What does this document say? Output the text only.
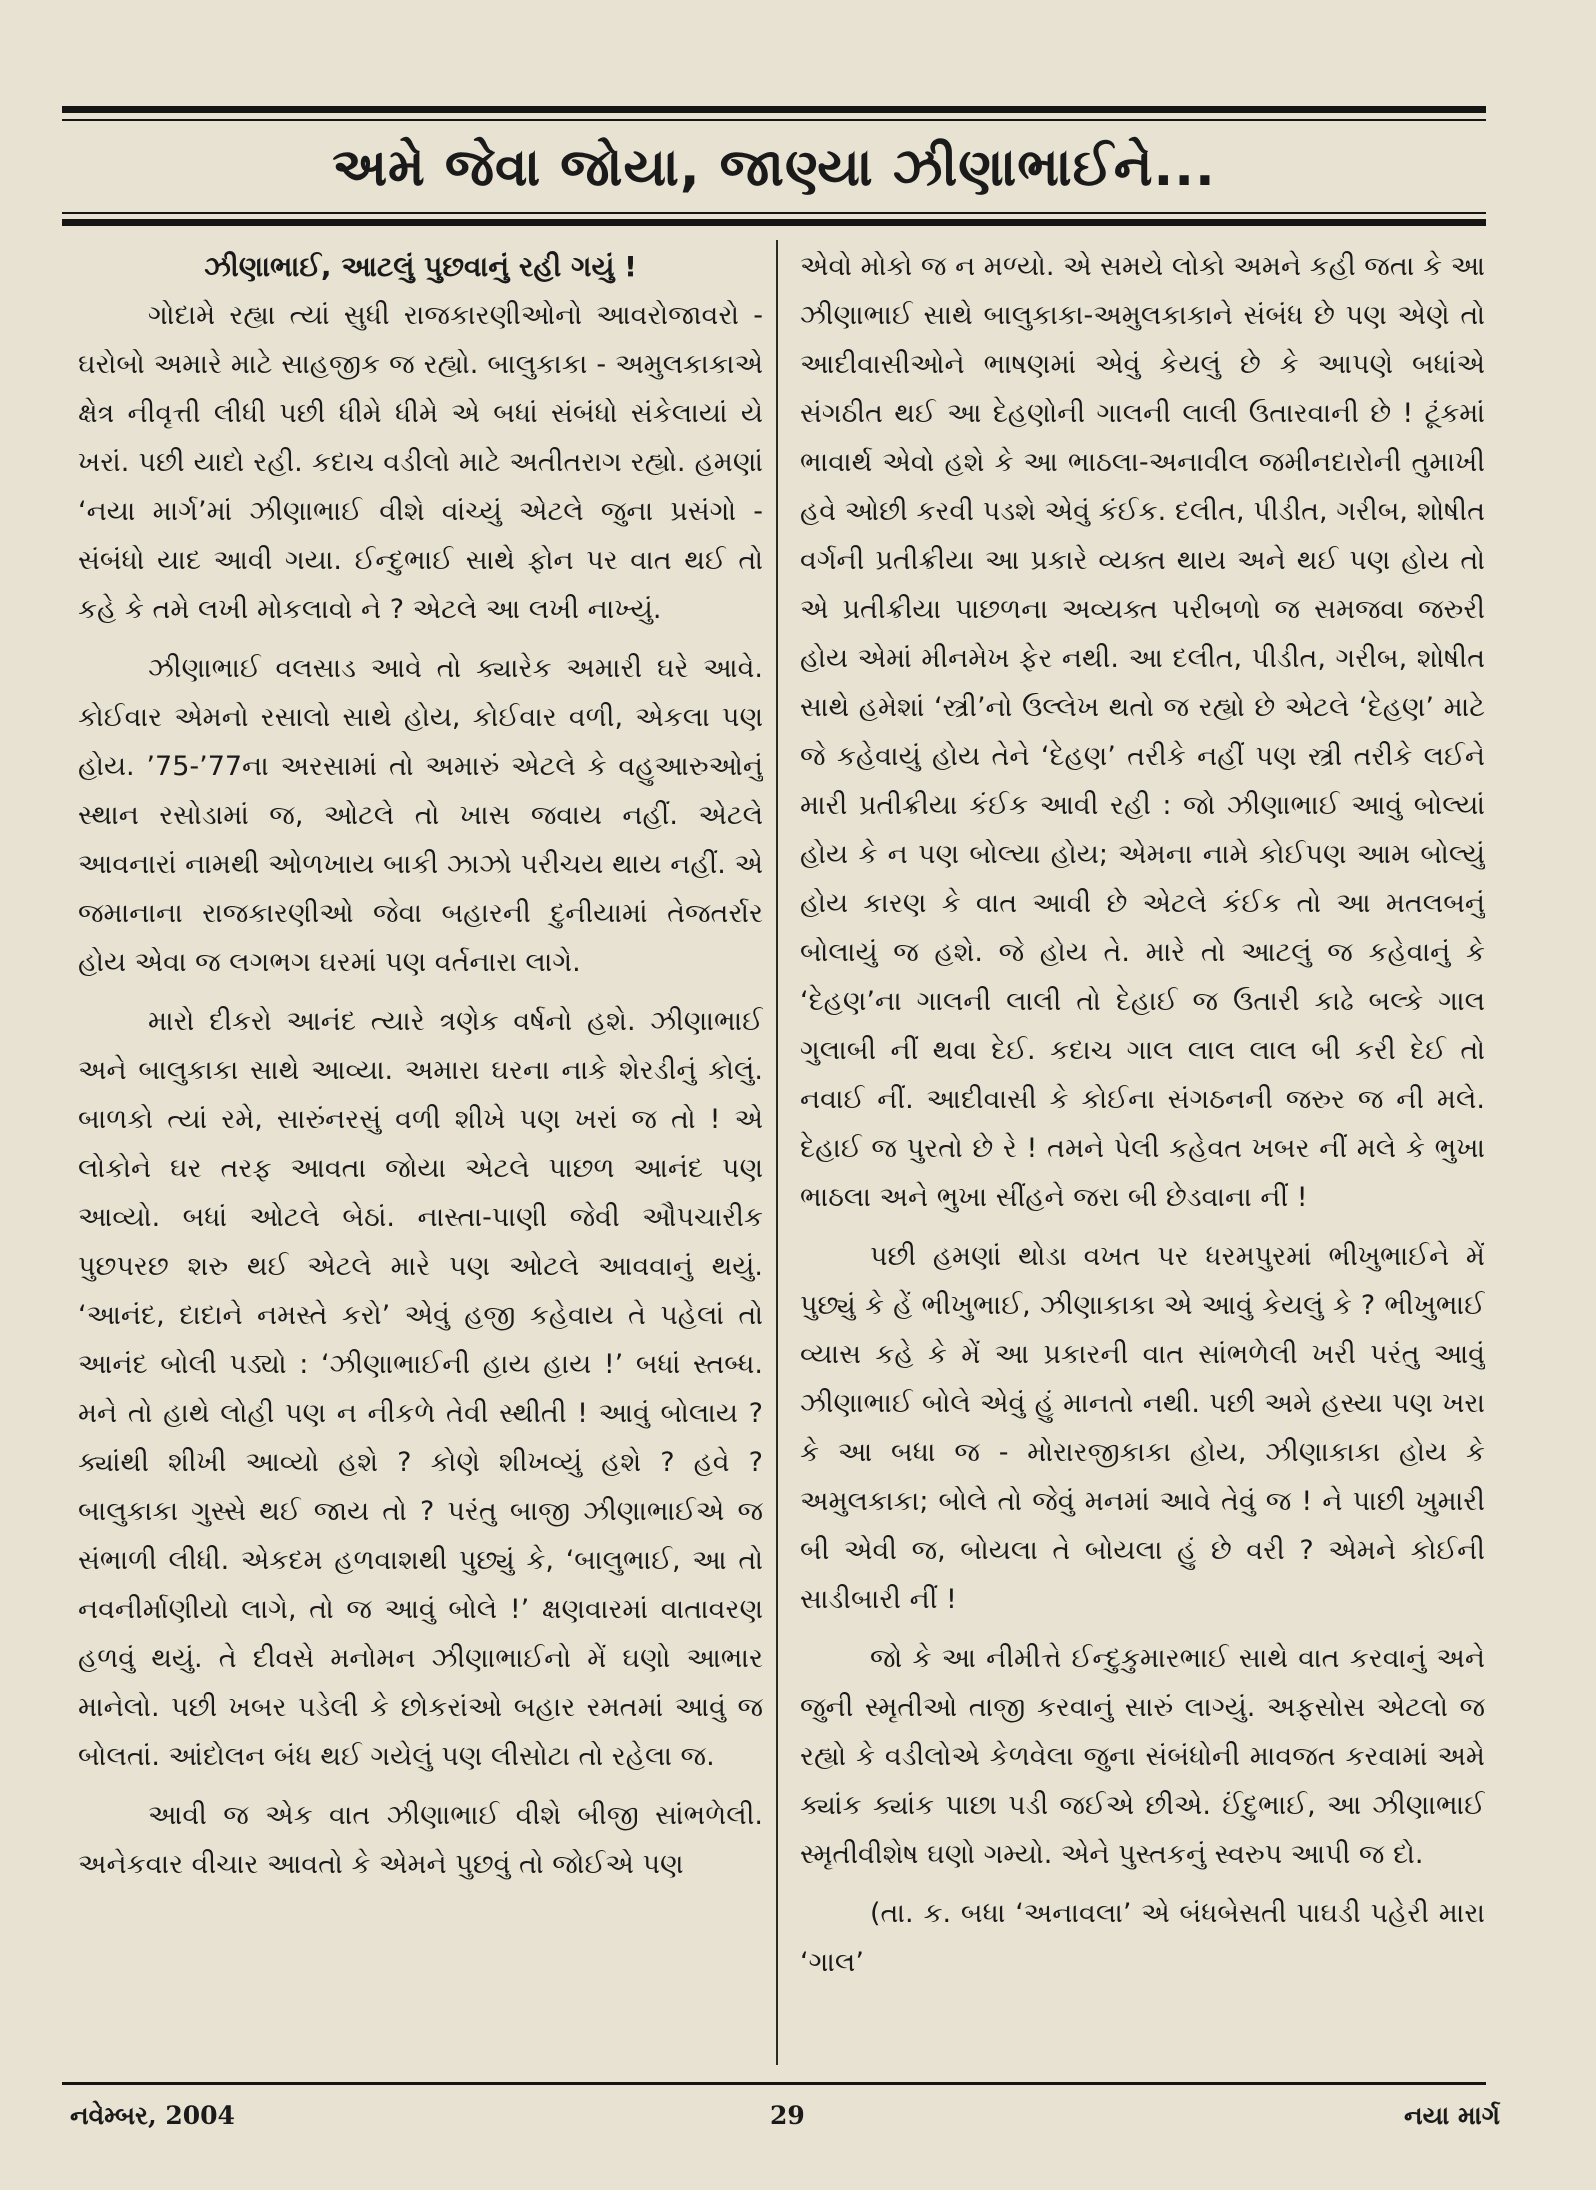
અમે જેવા જોયા, જાણ્યા ઝીણાભાઈને...
ઝીણાભાઈ, આટલું પુછવાનું રહી ગયું !

ગોદામે રહ્યા ત્યાં સુધી રાજકારણીઓનો આવરોજાવરો - ઘરોબો અમારે માટે સાહજીક જ રહ્યો. બાલુકાકા - અમુલકાકાએ ક્ષેત્ર નીવૃત્તી લીધી પછી ધીમે ધીમે એ બધાં સંબંધો સંકેલાયાં યે ખરાં. પછી યાદો રહી. કદાચ વડીલો માટે અતીતરાગ રહ્યો. હમણાં ‘નયા માર્ગ’માં ઝીણાભાઈ વીશે વાંચ્યું એટલે જુના પ્રસંગો - સંબંધો યાદ આવી ગયા. ઈન્દુભાઈ સાથે ફોન પર વાત થઈ તો કહે કે તમે લખી મોકલાવો ને ? એટલે આ લખી નાખ્યું.

ઝીણાભાઈ વલસાડ આવે તો ક્યારેક અમારી ઘરે આવે. કોઈવાર એમનો રસાલો સાથે હોય, કોઈવાર વળી, એકલા પણ હોય. ’75-’77ના અરસામાં તો અમારું એટલે કે વહુઆરુઓનું સ્થાન રસોડામાં જ, ઓટલે તો ખાસ જવાય નહીં. એટલે આવનારાં નામથી ઓળખાય બાકી ઝાઝો પરીચય થાય નહીં. એ જમાનાના રાજકારણીઓ જેવા બહારની દુનીયામાં તેજતર્રાર હોય એવા જ લગભગ ઘરમાં પણ વર્તનારા લાગે.

મારો દીકરો આનંદ ત્યારે ત્રણેક વર્ષનો હશે. ઝીણાભાઈ અને બાલુકાકા સાથે આવ્યા. અમારા ઘરના નાકે શેરડીનું કોલું. બાળકો ત્યાં રમે, સારુંનરસું વળી શીખે પણ ખરાં જ તો ! એ લોકોને ઘર તરફ આવતા જોયા એટલે પાછળ આનંદ પણ આવ્યો. બધાં ઓટલે બેઠાં. નાસ્તા-પાણી જેવી ઔપચારીક પુછપરછ શરુ થઈ એટલે મારે પણ ઓટલે આવવાનું થયું. ‘આનંદ, દાદાને નમસ્તે કરો’ એવું હજી કહેવાય તે પહેલાં તો આનંદ બોલી પડ્યો : ‘ઝીણાભાઈની હાય હાય !’ બધાં સ્તબ્ધ. મને તો હાથે લોહી પણ ન નીકળે તેવી સ્થીતી ! આવું બોલાય ? ક્યાંથી શીખી આવ્યો હશે ? કોણે શીખવ્યું હશે ? હવે ? બાલુકાકા ગુસ્સે થઈ જાય તો ? પરંતુ બાજી ઝીણાભાઈએ જ સંભાળી લીધી. એકદમ હળવાશથી પુછ્યું કે, ‘બાલુભાઈ, આ તો નવનીર્માણીયો લાગે, તો જ આવું બોલે !’ ક્ષણવારમાં વાતાવરણ હળવું થયું. તે દીવસે મનોમન ઝીણાભાઈનો મેં ઘણો આભાર માનેલો. પછી ખબર પડેલી કે છોકરાંઓ બહાર રમતમાં આવું જ બોલતાં. આંદોલન બંધ થઈ ગયેલું પણ લીસોટા તો રહેલા જ.

આવી જ એક વાત ઝીણાભાઈ વીશે બીજી સાંભળેલી. અનેકવાર વીચાર આવતો કે એમને પુછવું તો જોઈએ પણ

એવો મોકો જ ન મળ્યો. એ સમયે લોકો અમને કહી જતા કે આ ઝીણાભાઈ સાથે બાલુકાકા-અમુલકાકાને સંબંધ છે પણ એણે તો આદીવાસીઓને ભાષણમાં એવું કેયલું છે કે આપણે બધાંએ સંગઠીત થઈ આ દેહણોની ગાલની લાલી ઉતારવાની છે ! ટૂંકમાં ભાવાર્થ એવો હશે કે આ ભાઠલા-અનાવીલ જમીનદારોની તુમાખી હવે ઓછી કરવી પડશે એવું કંઈક. દલીત, પીડીત, ગરીબ, શોષીત વર્ગની પ્રતીક્રીયા આ પ્રકારે વ્યક્ત થાય અને થઈ પણ હોય તો એ પ્રતીક્રીયા પાછળના અવ્યક્ત પરીબળો જ સમજવા જરુરી હોય એમાં મીનમેખ ફેર નથી. આ દલીત, પીડીત, ગરીબ, શોષીત સાથે હમેશાં ‘સ્ત્રી’નો ઉલ્લેખ થતો જ રહ્યો છે એટલે ‘દેહણ’ માટે જે કહેવાયું હોય તેને ‘દેહણ’ તરીકે નહીં પણ સ્ત્રી તરીકે લઈને મારી પ્રતીક્રીયા કંઈક આવી રહી : જો ઝીણાભાઈ આવું બોલ્યાં હોય કે ન પણ બોલ્યા હોય; એમના નામે કોઈપણ આમ બોલ્યું હોય કારણ કે વાત આવી છે એટલે કંઈક તો આ મતલબનું બોલાયું જ હશે. જે હોય તે. મારે તો આટલું જ કહેવાનું કે ‘દેહણ’ના ગાલની લાલી તો દેહાઈ જ ઉતારી કાઢે બલ્કે ગાલ ગુલાબી નીં થવા દેઈ. કદાચ ગાલ લાલ લાલ બી કરી દેઈ તો નવાઈ નીં. આદીવાસી કે કોઈના સંગઠનની જરુર જ ની મલે. દેહાઈ જ પુરતો છે રે ! તમને પેલી કહેવત ખબર નીં મલે કે ભુખા ભાઠલા અને ભુખા સીંહને જરા બી છેડવાના નીં !

પછી હમણાં થોડા વખત પર ધરમપુરમાં ભીખુભાઈને મેં પુછ્યું કે હેં ભીખુભાઈ, ઝીણાકાકા એ આવું કેયલું કે ? ભીખુભાઈ વ્યાસ કહે કે મેં આ પ્રકારની વાત સાંભળેલી ખરી પરંતુ આવું ઝીણાભાઈ બોલે એવું હું માનતો નથી. પછી અમે હસ્યા પણ ખરા કે આ બધા જ - મોરારજીકાકા હોય, ઝીણાકાકા હોય કે અમુલકાકા; બોલે તો જેવું મનમાં આવે તેવું જ ! ને પાછી ખુમારી બી એવી જ, બોયલા તે બોયલા હું છે વરી ? એમને કોઈની સાડીબારી નીં !

જો કે આ નીમીત્તે ઈન્દુકુમારભાઈ સાથે વાત કરવાનું અને જુની સ્મૃતીઓ તાજી કરવાનું સારું લાગ્યું. અફસોસ એટલો જ રહ્યો કે વડીલોએ કેળવેલા જુના સંબંધોની માવજત કરવામાં અમે ક્યાંક ક્યાંક પાછા પડી જઈએ છીએ. ઈંદુભાઈ, આ ઝીણાભાઈ સ્મૃતીવીશેષ ઘણો ગમ્યો. એને પુસ્તકનું સ્વરુપ આપી જ દો.

(તા. ક. બધા ‘અનાવલા’ એ બંધબેસતી પાઘડી પહેરી મારા ‘ગાલ’

નવેમ્બર, 2004	29	નયા માર્ગ
